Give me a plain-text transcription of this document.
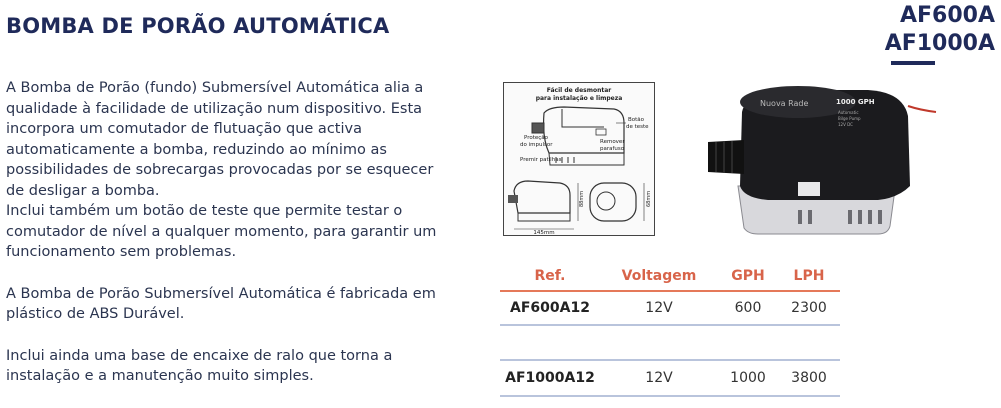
BOMBA DE PORÃO AUTOMÁTICA	AF600A
AF1000A

A Bomba de Porão (fundo) Submersível Automática alia a qualidade à facilidade de utilização num dispositivo. Esta incorpora um comutador de flutuação que activa automaticamente a bomba, reduzindo ao mínimo as possibilidades de sobrecargas provocadas por se esquecer de desligar a bomba.
Inclui também um botão de teste que permite testar o comutador de nível a qualquer momento, para garantir um funcionamento sem problemas.

A Bomba de Porão Submersível Automática é fabricada em plástico de ABS Durável.

Inclui ainda uma base de encaixe de ralo que torna a instalação e a manutenção muito simples.

Fácil de desmontar
para instalação e limpeza
Botão
de teste
Proteção
do impulsor	Remover
parafuso
Premir patilhas
145mm
88mm	68mm
Nuova Rade	1000 GPH
Automatic
Bilge Pump
12V DC
Ref.	Voltagem	GPH	LPH
AF600A12	12V	600	2300
AF1000A12	12V	1000	3800
